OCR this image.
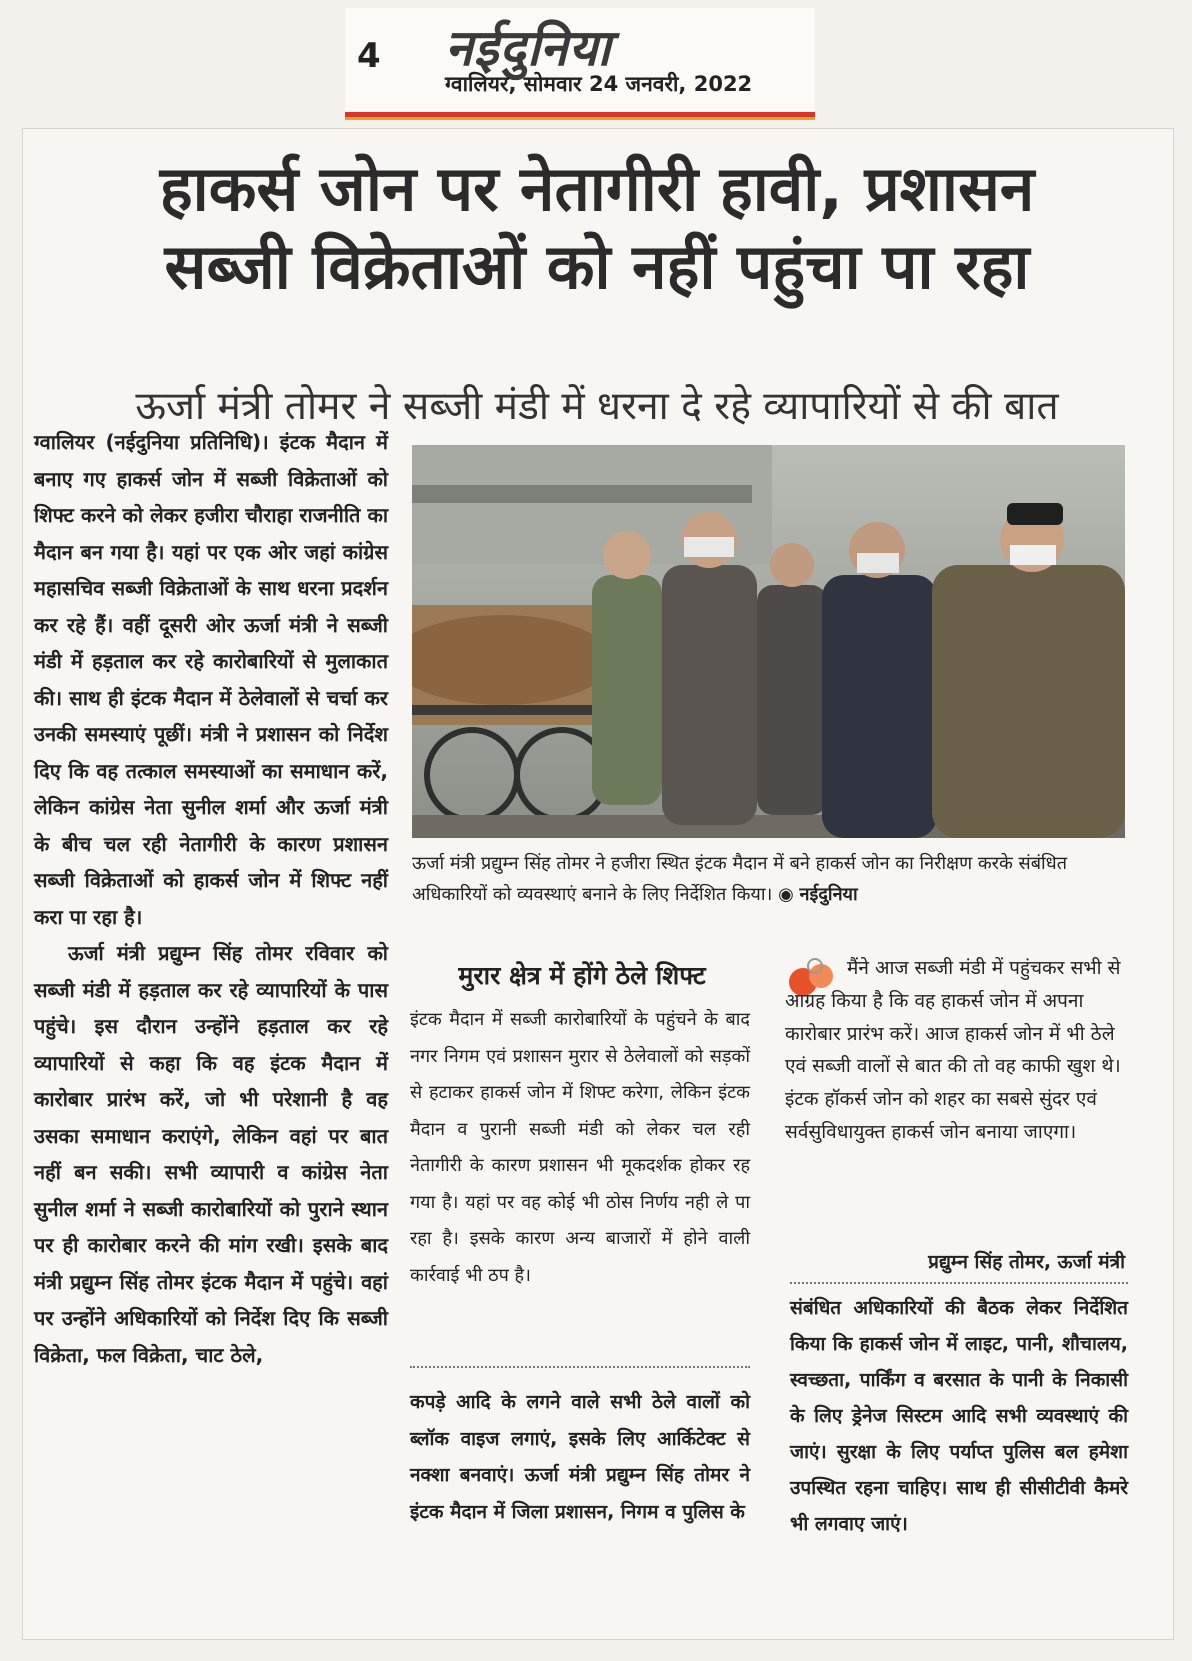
4 नईदुनिया
ग्वालियर, सोमवार 24 जनवरी, 2022
हाकर्स जोन पर नेतागीरी हावी, प्रशासन
सब्जी विक्रेताओं को नहीं पहुंचा पा रहा
ऊर्जा मंत्री तोमर ने सब्जी मंडी में धरना दे रहे व्यापारियों से की बात

ग्वालियर (नईदुनिया प्रतिनिधि)। इंटक मैदान में बनाए गए हाकर्स जोन में सब्जी विक्रेताओं को शिफ्ट करने को लेकर हजीरा चौराहा राजनीति का मैदान बन गया है। यहां पर एक ओर जहां कांग्रेस महासचिव सब्जी विक्रेताओं के साथ धरना प्रदर्शन कर रहे हैं। वहीं दूसरी ओर ऊर्जा मंत्री ने सब्जी मंडी में हड़ताल कर रहे कारोबारियों से मुलाकात की। साथ ही इंटक मैदान में ठेलेवालों से चर्चा कर उनकी समस्याएं पूछीं। मंत्री ने प्रशासन को निर्देश दिए कि वह तत्काल समस्याओं का समाधान करें, लेकिन कांग्रेस नेता सुनील शर्मा और ऊर्जा मंत्री के बीच चल रही नेतागीरी के कारण प्रशासन सब्जी विक्रेताओं को हाकर्स जोन में शिफ्ट नहीं करा पा रहा है।

ऊर्जा मंत्री प्रद्युम्न सिंह तोमर रविवार को सब्जी मंडी में हड़ताल कर रहे व्यापारियों के पास पहुंचे। इस दौरान उन्होंने हड़ताल कर रहे व्यापारियों से कहा कि वह इंटक मैदान में कारोबार प्रारंभ करें, जो भी परेशानी है वह उसका समाधान कराएंगे, लेकिन वहां पर बात नहीं बन सकी। सभी व्यापारी व कांग्रेस नेता सुनील शर्मा ने सब्जी कारोबारियों को पुराने स्थान पर ही कारोबार करने की मांग रखी। इसके बाद मंत्री प्रद्युम्न सिंह तोमर इंटक मैदान में पहुंचे। वहां पर उन्होंने अधिकारियों को निर्देश दिए कि सब्जी विक्रेता, फल विक्रेता, चाट ठेले,

ऊर्जा मंत्री प्रद्युम्न सिंह तोमर ने हजीरा स्थित इंटक मैदान में बने हाकर्स जोन का निरीक्षण करके संबंधित अधिकारियों को व्यवस्थाएं बनाने के लिए निर्देशित किया। ◉ नईदुनिया
मुरार क्षेत्र में होंगे ठेले शिफ्ट

इंटक मैदान में सब्जी कारोबारियों के पहुंचने के बाद नगर निगम एवं प्रशासन मुरार से ठेलेवालों को सड़कों से हटाकर हाकर्स जोन में शिफ्ट करेगा, लेकिन इंटक मैदान व पुरानी सब्जी मंडी को लेकर चल रही नेतागीरी के कारण प्रशासन भी मूकदर्शक होकर रह गया है। यहां पर वह कोई भी ठोस निर्णय नही ले पा रहा है। इसके कारण अन्य बाजारों में होने वाली कार्रवाई भी ठप है।

कपड़े आदि के लगने वाले सभी ठेले वालों को ब्लॉक वाइज लगाएं, इसके लिए आर्किटेक्ट से नक्शा बनवाएं। ऊर्जा मंत्री प्रद्युम्न सिंह तोमर ने इंटक मैदान में जिला प्रशासन, निगम व पुलिस के

मैंने आज सब्जी मंडी में पहुंचकर सभी से आग्रह किया है कि वह हाकर्स जोन में अपना कारोबार प्रारंभ करें। आज हाकर्स जोन में भी ठेले एवं सब्जी वालों से बात की तो वह काफी खुश थे। इंटक हॉकर्स जोन को शहर का सबसे सुंदर एवं सर्वसुविधायुक्त हाकर्स जोन बनाया जाएगा।
प्रद्युम्न सिंह तोमर, ऊर्जा मंत्री

संबंधित अधिकारियों की बैठक लेकर निर्देशित किया कि हाकर्स जोन में लाइट, पानी, शौचालय, स्वच्छता, पार्किंग व बरसात के पानी के निकासी के लिए ड्रेनेज सिस्टम आदि सभी व्यवस्थाएं की जाएं। सुरक्षा के लिए पर्याप्त पुलिस बल हमेशा उपस्थित रहना चाहिए। साथ ही सीसीटीवी कैमरे भी लगवाए जाएं।
